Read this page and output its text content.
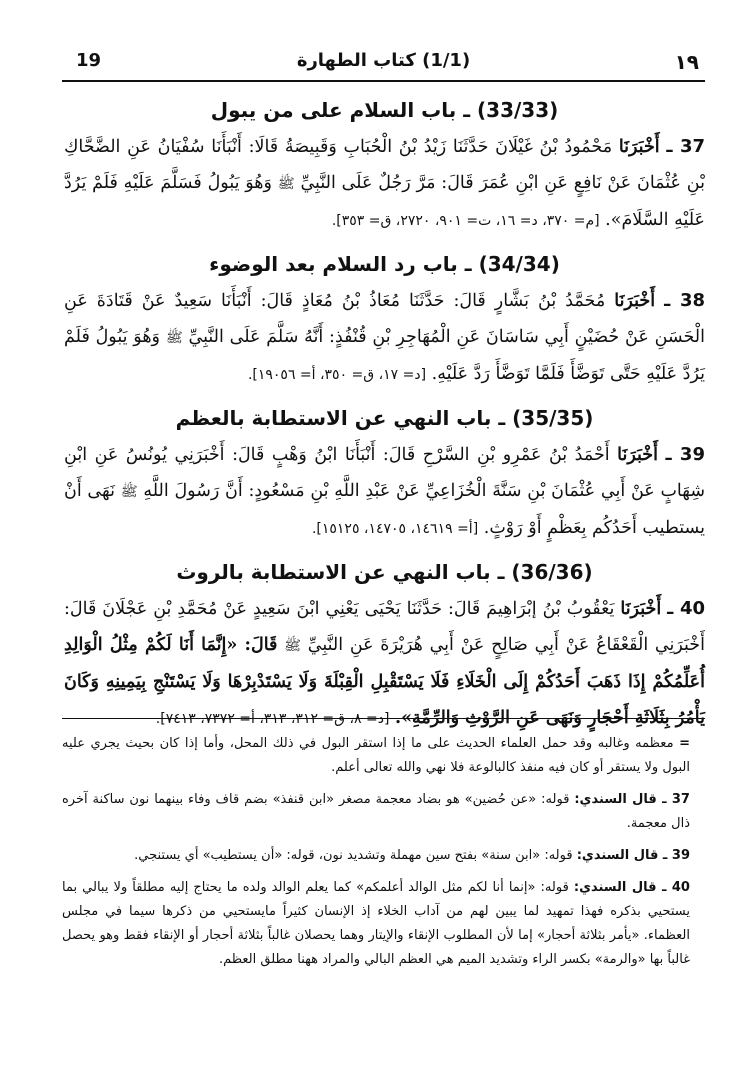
19	(1/1) كتاب الطهارة	١٩
(33/33) ـ باب السلام على من يبول

37 ـ أَخْبَرَنَا مَحْمُودُ بْنُ غَيْلَانَ حَدَّثَنَا زَيْدُ بْنُ الْحُبَابِ وَقَبِيصَةُ قَالَا: أَنْبَأَنَا سُفْيَانُ عَنِ الضَّحَّاكِ بْنِ عُثْمَانَ عَنْ نَافِعٍ عَنِ ابْنِ عُمَرَ قَالَ: مَرَّ رَجُلٌ عَلَى النَّبِيِّ ﷺ وَهُوَ يَبُولُ فَسَلَّمَ عَلَيْهِ فَلَمْ يَرُدَّ عَلَيْهِ السَّلَامَ». [م= ٣٧٠، د= ١٦، ت= ٩٠١، ٢٧٢٠، ق= ٣٥٣].

(34/34) ـ باب رد السلام بعد الوضوء

38 ـ أَخْبَرَنَا مُحَمَّدُ بْنُ بَشَّارٍ قَالَ: حَدَّثَنَا مُعَاذُ بْنُ مُعَاذٍ قَالَ: أَنْبَأَنَا سَعِيدٌ عَنْ قَتَادَةَ عَنِ الْحَسَنِ عَنْ حُضَيْنٍ أَبِي سَاسَانَ عَنِ الْمُهَاجِرِ بْنِ قُنْفُذٍ: أَنَّهُ سَلَّمَ عَلَى النَّبِيِّ ﷺ وَهُوَ يَبُولُ فَلَمْ يَرُدَّ عَلَيْهِ حَتَّى تَوَضَّأَ فَلَمَّا تَوَضَّأَ رَدَّ عَلَيْهِ. [د= ١٧، ق= ٣٥٠، أ= ١٩٠٥٦].

(35/35) ـ باب النهي عن الاستطابة بالعظم

39 ـ أَخْبَرَنَا أَحْمَدُ بْنُ عَمْرِو بْنِ السَّرْحِ قَالَ: أَنْبَأَنَا ابْنُ وَهْبٍ قَالَ: أَخْبَرَنِي يُونُسُ عَنِ ابْنِ شِهَابٍ عَنْ أَبِي عُثْمَانَ بْنِ سَنَّةَ الْخُزَاعِيِّ عَنْ عَبْدِ اللَّهِ بْنِ مَسْعُودٍ: أَنَّ رَسُولَ اللَّهِ ﷺ نَهَى أَنْ يستطيب أَحَدُكُم بِعَظْمٍ أَوْ رَوْثٍ. [أ= ١٤٦١٩، ١٤٧٠٥، ١٥١٢٥].

(36/36) ـ باب النهي عن الاستطابة بالروث

40 ـ أَخْبَرَنَا يَعْقُوبُ بْنُ إبْرَاهِيمَ قَالَ: حَدَّثَنَا يَحْيَى يَعْنِي ابْنَ سَعِيدٍ عَنْ مُحَمَّدِ بْنِ عَجْلَانَ قَالَ: أَخْبَرَنِي الْقَعْقَاعُ عَنْ أَبِي صَالِحٍ عَنْ أَبِي هُرَيْرَةَ عَنِ النَّبِيِّ ﷺ قَالَ: «إِنَّمَا أَنَا لَكُمْ مِثْلُ الْوَالِدِ أُعَلِّمُكُمْ إِذَا ذَهَبَ أَحَدُكُمْ إِلَى الْخَلَاءِ فَلَا يَسْتَقْبِلِ الْقِبْلَةَ وَلَا يَسْتَدْبِرْهَا وَلَا يَسْتَنْجِ بِيَمِينِهِ وَكَانَ يَأْمُرُ بِثَلَاثَةِ أَحْجَارٍ وَنَهَى عَنِ الرَّوْثِ وَالرِّمَّةِ». [د= ٨، ق= ٣١٢، ٣١٣، أ= ٧٣٧٢، ٧٤١٣].

= معظمه وغالبه وقد حمل العلماء الحديث على ما إذا استقر البول في ذلك المحل، وأما إذا كان بحيث يجري عليه البول ولا يستقر أو كان فيه منفذ كالبالوعة فلا نهي والله تعالى أعلم.

37 ـ قال السندي: قوله: «عن حُضين» هو بضاد معجمة مصغر «ابن قنفذ» بضم قاف وفاء بينهما نون ساكنة آخره ذال معجمة.

39 ـ قال السندي: قوله: «ابن سنة» بفتح سين مهملة وتشديد نون، قوله: «أن يستطيب» أي يستنجي.

40 ـ قال السندي: قوله: «إنما أنا لكم مثل الوالد أعلمكم» كما يعلم الوالد ولده ما يحتاج إليه مطلقاً ولا يبالي بما يستحيي بذكره فهذا تمهيد لما يبين لهم من آداب الخلاء إذ الإنسان كثيراً مايستحيي من ذكرها سيما في مجلس العظماء. «يأمر بثلاثة أحجار» إما لأن المطلوب الإنقاء والإيتار وهما يحصلان غالباً بثلاثة أحجار أو الإنقاء فقط وهو يحصل غالباً بها «والرمة» بكسر الراء وتشديد الميم هي العظم البالي والمراد ههنا مطلق العظم.
